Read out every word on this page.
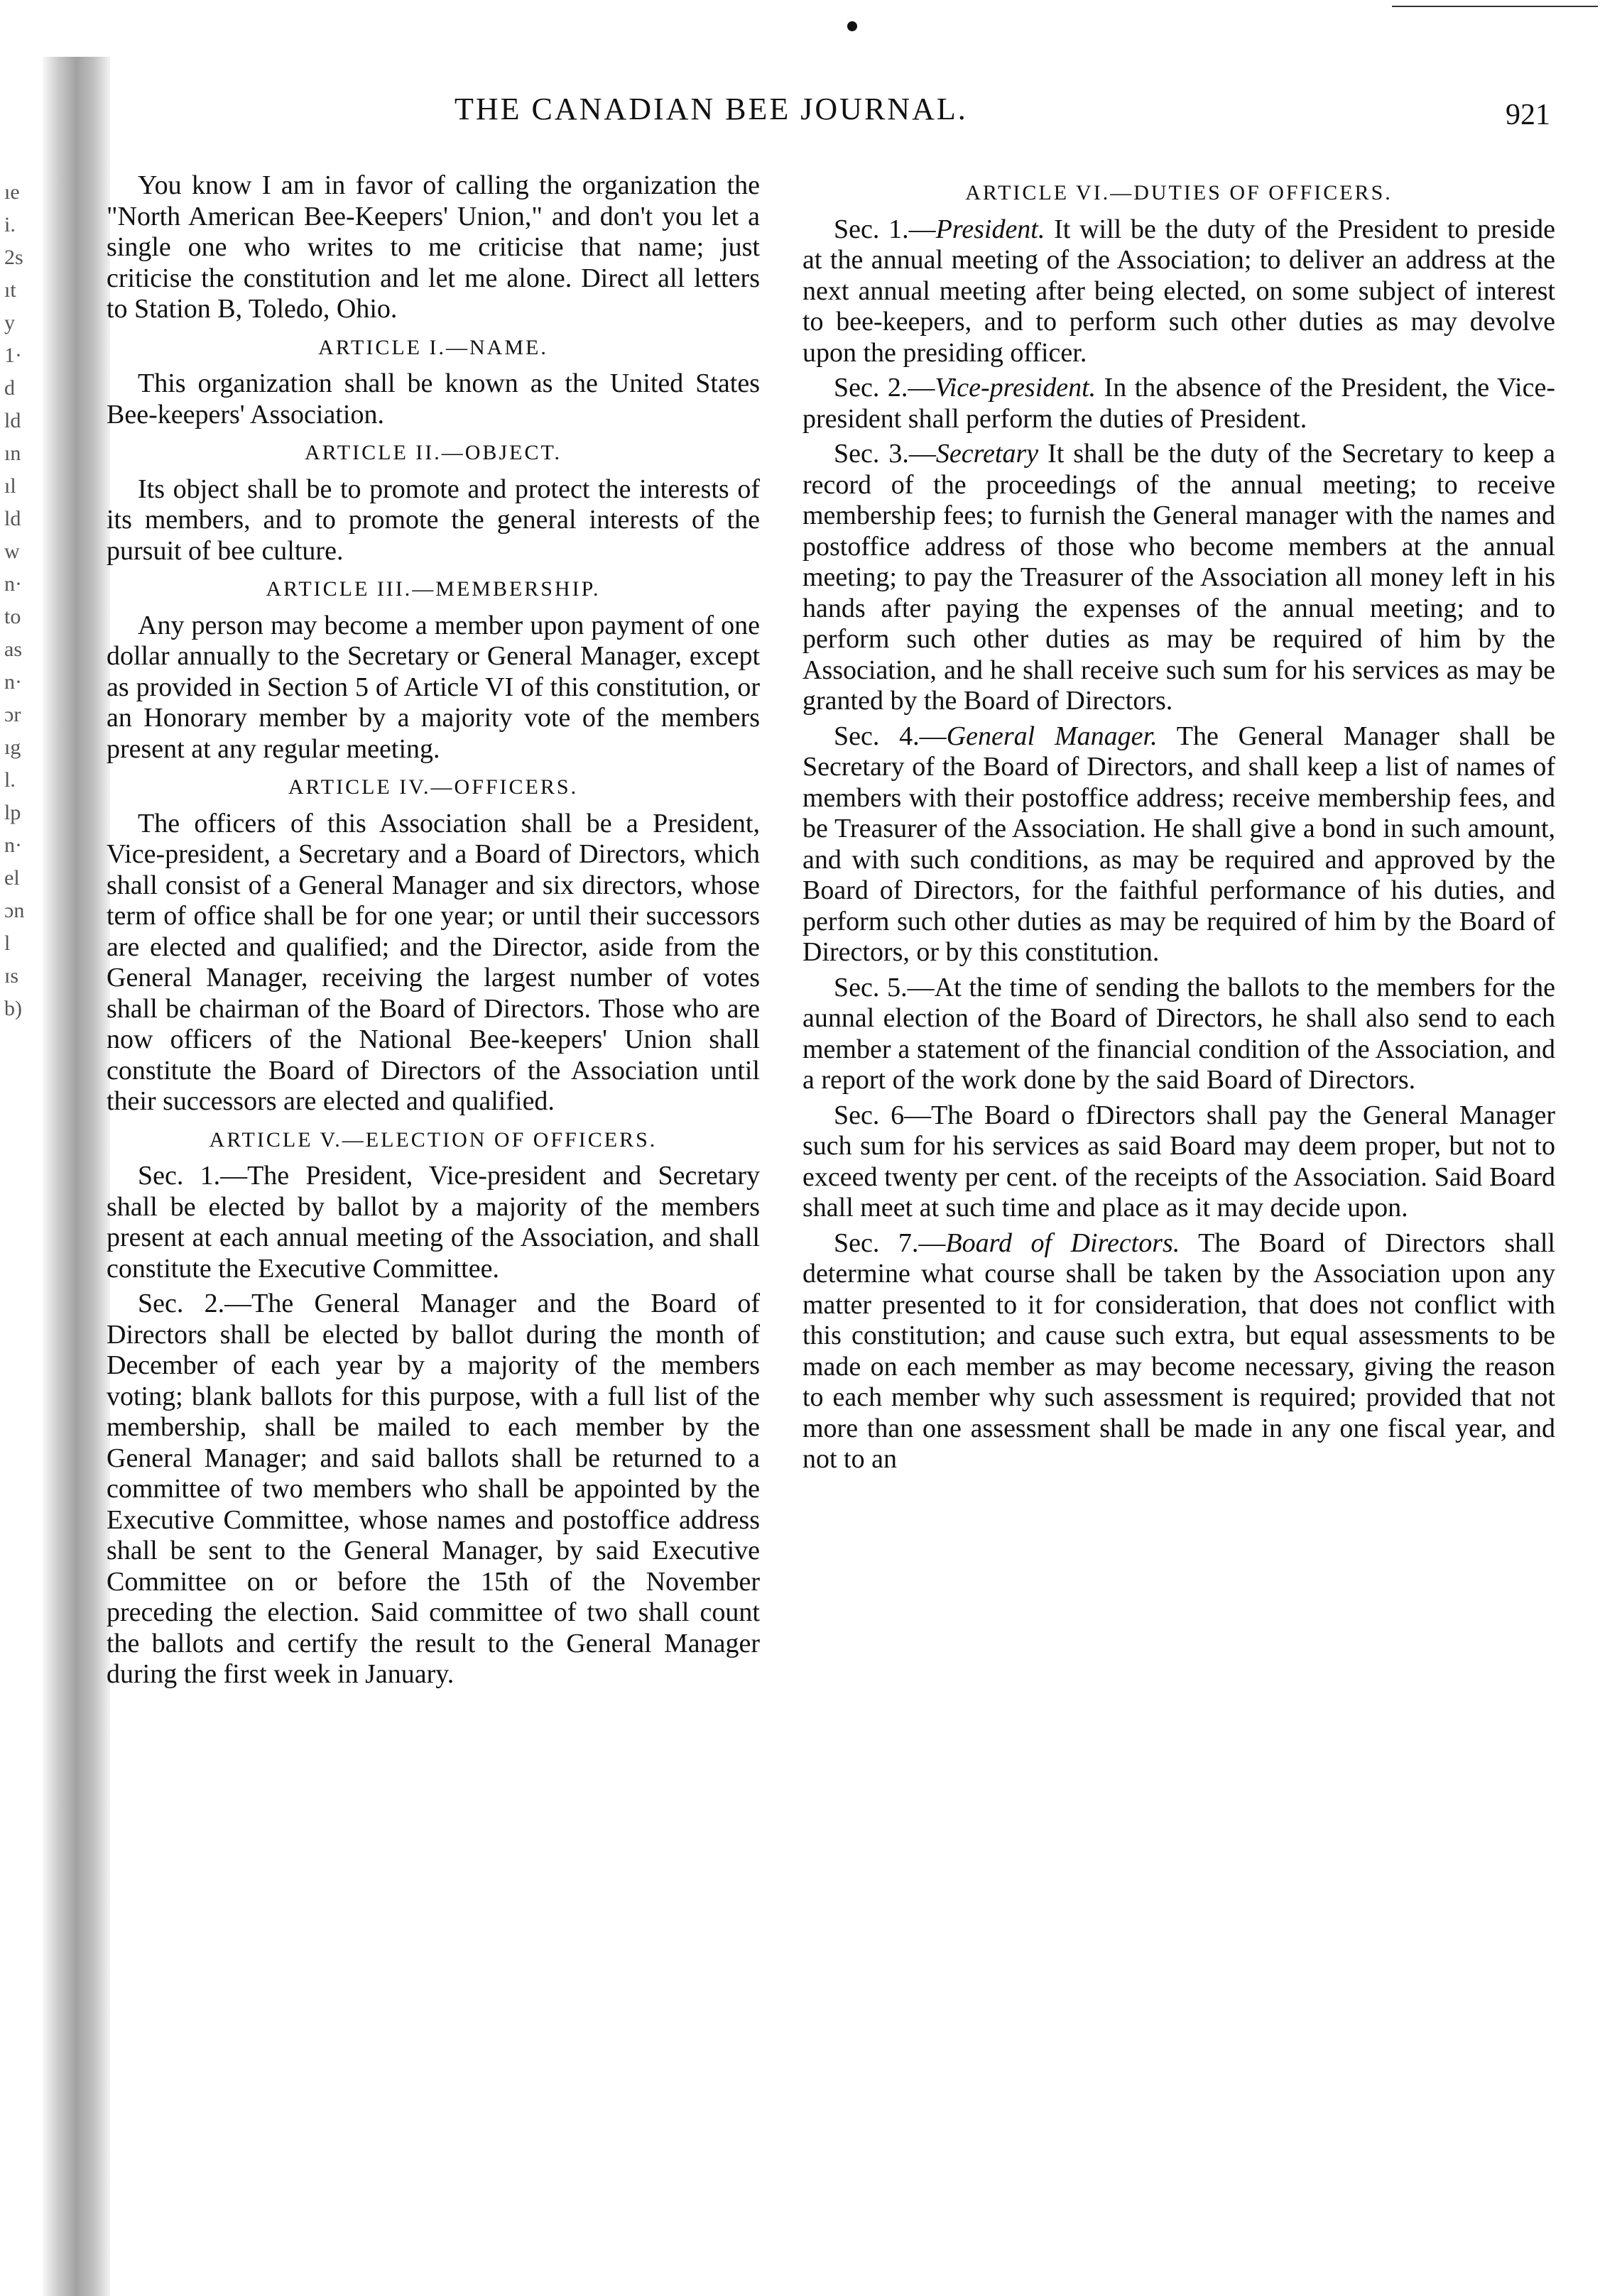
THE CANADIAN BEE JOURNAL.	921
ıe
i.
2s
ıt
y
1·
d
ld
ın
ıl
ld
w
n·
to
as
n·
ɔr
ıg
l.
lp
n·
el
ɔn
l
ɪs
b)

You know I am in favor of calling the organization the "North American Bee-Keepers' Union," and don't you let a single one who writes to me criticise that name; just criticise the constitution and let me alone. Direct all letters to Station B, Toledo, Ohio.

ARTICLE I.—NAME.

This organization shall be known as the United States Bee-keepers' Association.

ARTICLE II.—OBJECT.

Its object shall be to promote and protect the interests of its members, and to promote the general interests of the pursuit of bee culture.

ARTICLE III.—MEMBERSHIP.

Any person may become a member upon payment of one dollar annually to the Secretary or General Manager, except as provided in Section 5 of Article VI of this constitution, or an Honorary member by a majority vote of the members present at any regular meeting.

ARTICLE IV.—OFFICERS.

The officers of this Association shall be a President, Vice-president, a Secretary and a Board of Directors, which shall consist of a General Manager and six directors, whose term of office shall be for one year; or until their successors are elected and qualified; and the Director, aside from the General Manager, receiving the largest number of votes shall be chairman of the Board of Directors. Those who are now officers of the National Bee-keepers' Union shall constitute the Board of Directors of the Association until their successors are elected and qualified.

ARTICLE V.—ELECTION OF OFFICERS.

Sec. 1.—The President, Vice-president and Secretary shall be elected by ballot by a majority of the members present at each annual meeting of the Association, and shall constitute the Executive Committee.

Sec. 2.—The General Manager and the Board of Directors shall be elected by ballot during the month of December of each year by a majority of the members voting; blank ballots for this purpose, with a full list of the membership, shall be mailed to each member by the General Manager; and said ballots shall be returned to a committee of two members who shall be appointed by the Executive Committee, whose names and postoffice address shall be sent to the General Manager, by said Executive Committee on or before the 15th of the November preceding the election. Said committee of two shall count the ballots and certify the result to the General Manager during the first week in January.

ARTICLE VI.—DUTIES OF OFFICERS.

Sec. 1.—President. It will be the duty of the President to preside at the annual meeting of the Association; to deliver an address at the next annual meeting after being elected, on some subject of interest to bee-keepers, and to perform such other duties as may devolve upon the presiding officer.

Sec. 2.—Vice-president. In the absence of the President, the Vice-president shall perform the duties of President.

Sec. 3.—Secretary It shall be the duty of the Secretary to keep a record of the proceedings of the annual meeting; to receive membership fees; to furnish the General manager with the names and postoffice address of those who become members at the annual meeting; to pay the Treasurer of the Association all money left in his hands after paying the expenses of the annual meeting; and to perform such other duties as may be required of him by the Association, and he shall receive such sum for his services as may be granted by the Board of Directors.

Sec. 4.—General Manager. The General Manager shall be Secretary of the Board of Directors, and shall keep a list of names of members with their postoffice address; receive membership fees, and be Treasurer of the Association. He shall give a bond in such amount, and with such conditions, as may be required and approved by the Board of Directors, for the faithful performance of his duties, and perform such other duties as may be required of him by the Board of Directors, or by this constitution.

Sec. 5.—At the time of sending the ballots to the members for the aunnal election of the Board of Directors, he shall also send to each member a statement of the financial condition of the Association, and a report of the work done by the said Board of Directors.

Sec. 6—The Board o fDirectors shall pay the General Manager such sum for his services as said Board may deem proper, but not to exceed twenty per cent. of the receipts of the Association. Said Board shall meet at such time and place as it may decide upon.

Sec. 7.—Board of Directors. The Board of Directors shall determine what course shall be taken by the Association upon any matter presented to it for consideration, that does not conflict with this constitution; and cause such extra, but equal assessments to be made on each member as may become necessary, giving the reason to each member why such assessment is required; provided that not more than one assessment shall be made in any one fiscal year, and not to an
